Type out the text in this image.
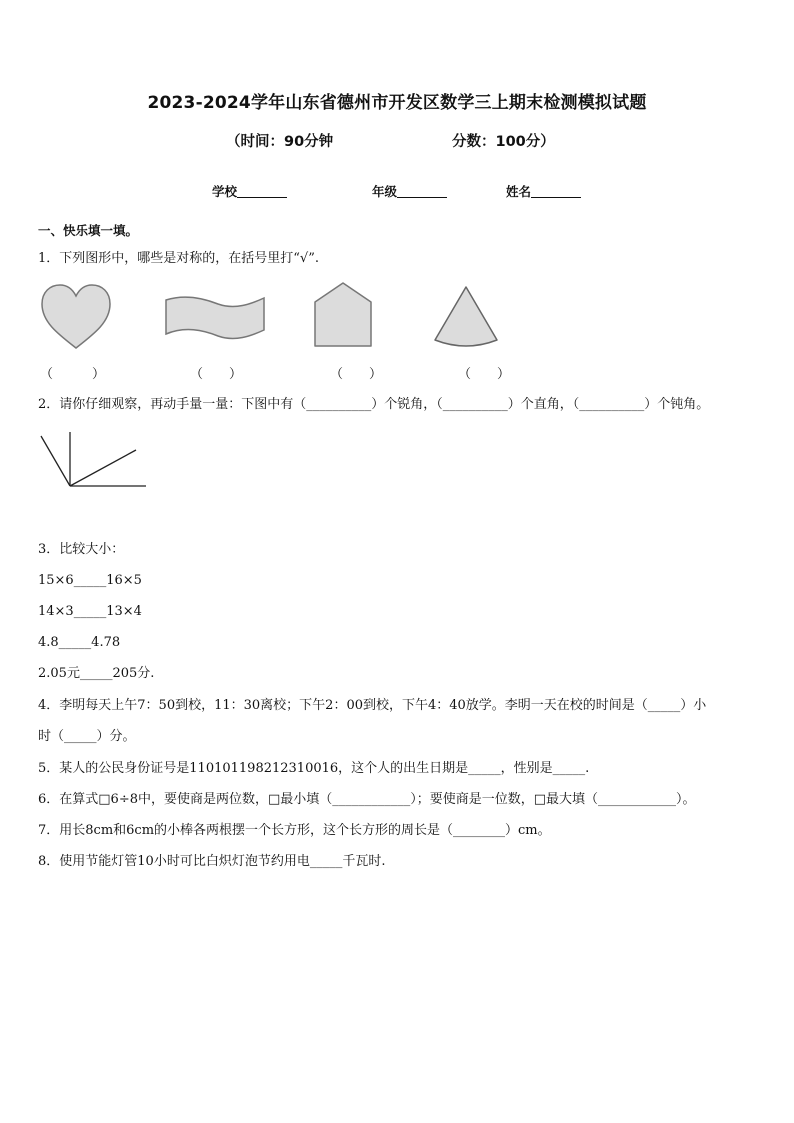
2023-2024学年山东省德州市开发区数学三上期末检测模拟试题
（时间：90分钟	分数：100分）
学校	年级	姓名
一、快乐填一填。
1．下列图形中，哪些是对称的，在括号里打“√”.
（　　　）	（　　）	（　　）	（　　）
2．请你仔细观察，再动手量一量：下图中有（__________）个锐角，（__________）个直角，（__________）个钝角。
3．比较大小：
15×6_____16×5
14×3_____13×4
4.8_____4.78
2.05元_____205分.
4．李明每天上午7：50到校，11：30离校；下午2：00到校，下午4：40放学。李明一天在校的时间是（_____）小
时（_____）分。
5．某人的公民身份证号是110101198212310016，这个人的出生日期是_____，性别是_____.
6．在算式□6÷8中，要使商是两位数，□最小填（____________）；要使商是一位数，□最大填（____________）。
7．用长8cm和6cm的小棒各两根摆一个长方形，这个长方形的周长是（________）cm。
8．使用节能灯管10小时可比白炽灯泡节约用电_____千瓦时.
